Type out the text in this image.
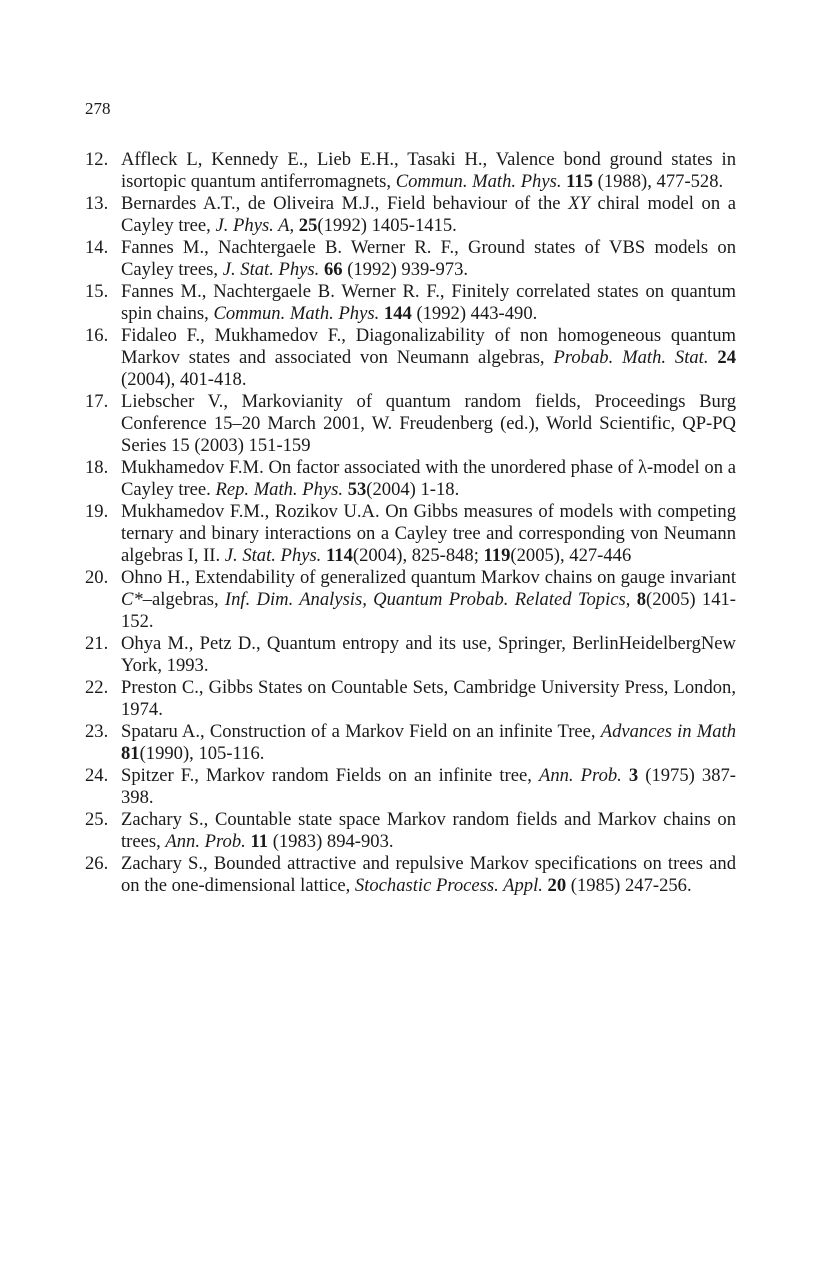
278
12. Affleck L, Kennedy E., Lieb E.H., Tasaki H., Valence bond ground states in isortopic quantum antiferromagnets, Commun. Math. Phys. 115 (1988), 477-528.
13. Bernardes A.T., de Oliveira M.J., Field behaviour of the XY chiral model on a Cayley tree, J. Phys. A, 25(1992) 1405-1415.
14. Fannes M., Nachtergaele B. Werner R. F., Ground states of VBS models on Cayley trees, J. Stat. Phys. 66 (1992) 939-973.
15. Fannes M., Nachtergaele B. Werner R. F., Finitely correlated states on quantum spin chains, Commun. Math. Phys. 144 (1992) 443-490.
16. Fidaleo F., Mukhamedov F., Diagonalizability of non homogeneous quantum Markov states and associated von Neumann algebras, Probab. Math. Stat. 24 (2004), 401-418.
17. Liebscher V., Markovianity of quantum random fields, Proceedings Burg Conference 15–20 March 2001, W. Freudenberg (ed.), World Scientific, QP-PQ Series 15 (2003) 151-159
18. Mukhamedov F.M. On factor associated with the unordered phase of λ-model on a Cayley tree. Rep. Math. Phys. 53(2004) 1-18.
19. Mukhamedov F.M., Rozikov U.A. On Gibbs measures of models with competing ternary and binary interactions on a Cayley tree and corresponding von Neumann algebras I, II. J. Stat. Phys. 114(2004), 825-848; 119(2005), 427-446
20. Ohno H., Extendability of generalized quantum Markov chains on gauge invariant C*–algebras, Inf. Dim. Analysis, Quantum Probab. Related Topics, 8(2005) 141-152.
21. Ohya M., Petz D., Quantum entropy and its use, Springer, BerlinHeidelbergNew York, 1993.
22. Preston C., Gibbs States on Countable Sets, Cambridge University Press, London, 1974.
23. Spataru A., Construction of a Markov Field on an infinite Tree, Advances in Math 81(1990), 105-116.
24. Spitzer F., Markov random Fields on an infinite tree, Ann. Prob. 3 (1975) 387-398.
25. Zachary S., Countable state space Markov random fields and Markov chains on trees, Ann. Prob. 11 (1983) 894-903.
26. Zachary S., Bounded attractive and repulsive Markov specifications on trees and on the one-dimensional lattice, Stochastic Process. Appl. 20 (1985) 247-256.
